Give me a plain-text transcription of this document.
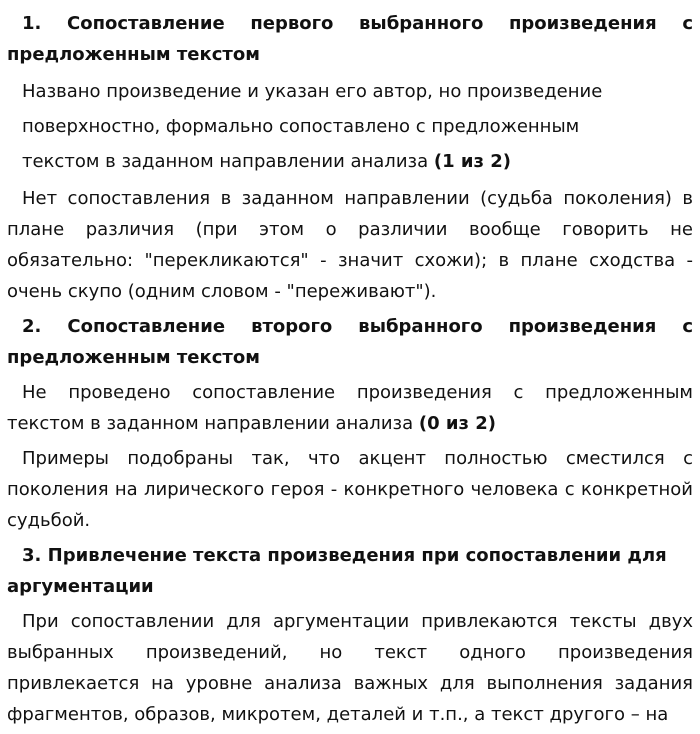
1. Сопоставление первого выбранного произведения с предложенным текстом

Названо произведение и указан его автор, но произведение

поверхностно, формально сопоставлено с предложенным

текстом в заданном направлении анализа (1 из 2)

Нет сопоставления в заданном направлении (судьба поколения) в плане различия (при этом о различии вообще говорить не обязательно: "перекликаются" - значит схожи); в плане сходства - очень скупо (одним словом - "переживают").

2. Сопоставление второго выбранного произведения с предложенным текстом

Не проведено сопоставление произведения с предложенным текстом в заданном направлении анализа (0 из 2)

Примеры подобраны так, что акцент полностью сместился с поколения на лирического героя - конкретного человека с конкретной судьбой.

3. Привлечение текста произведения при сопоставлении для аргументации

При сопоставлении для аргументации привлекаются тексты двух выбранных произведений, но текст одного произведения привлекается на уровне анализа важных для выполнения задания фрагментов, образов, микротем, деталей и т.п., а текст другого – на
